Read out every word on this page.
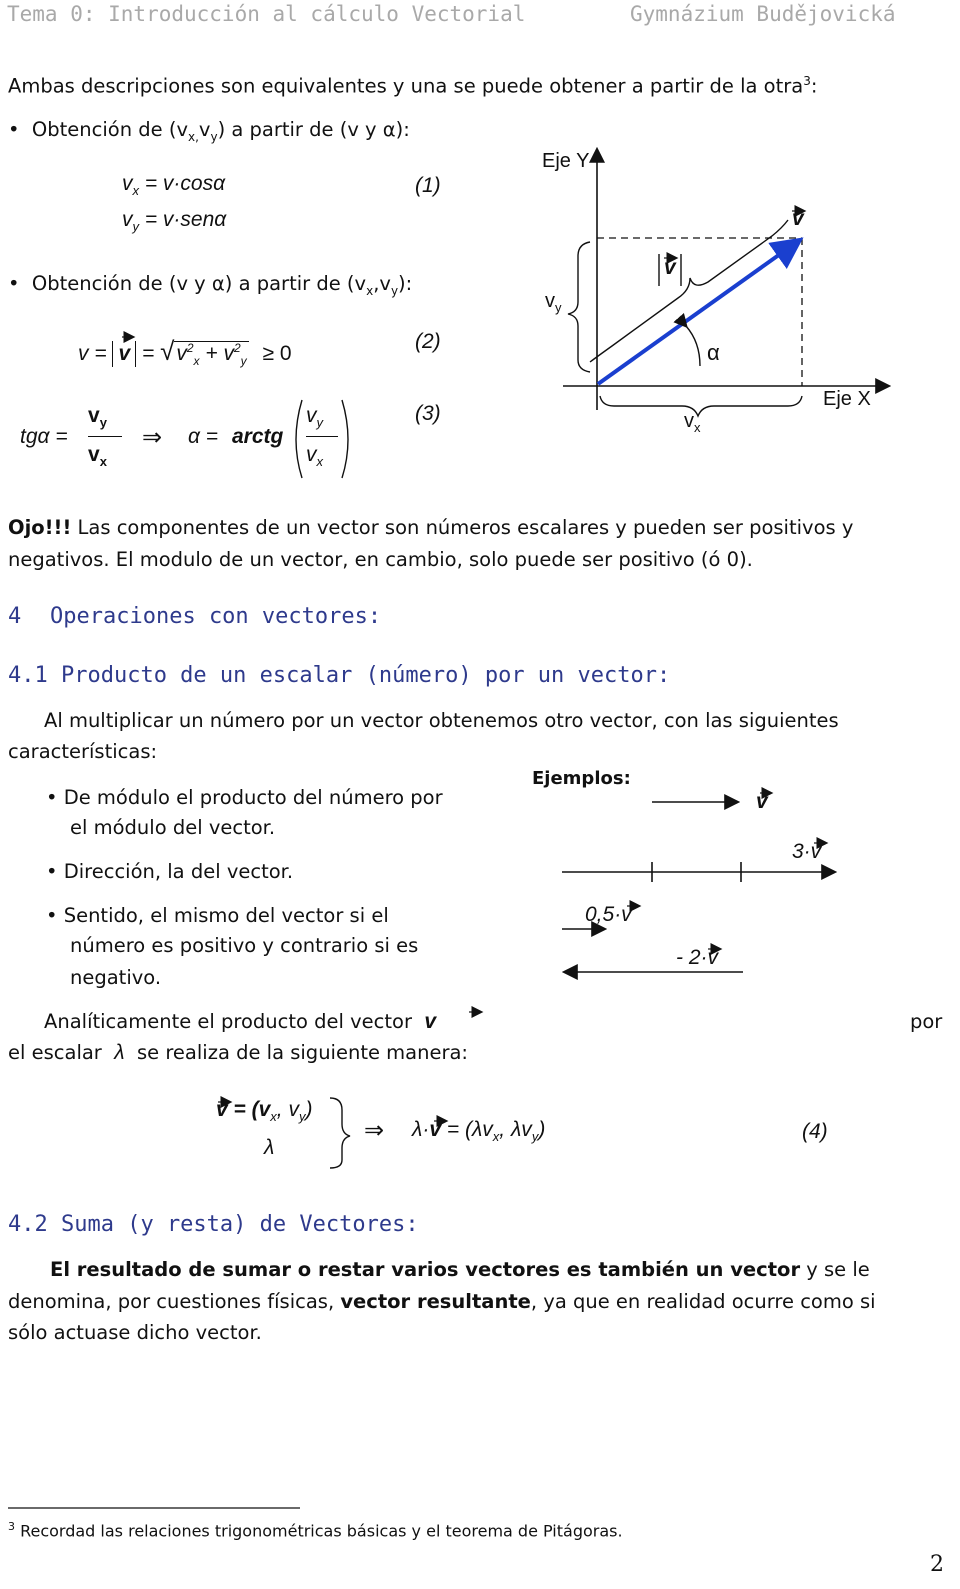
Tema 0: Introducción al cálculo Vectorial	Gymnázium Budějovická
Ambas descripciones son equivalentes y una se puede obtener a partir de la otra$^3$:
•  Obtención de $(v_{x,}v_y)$ a partir de (v y α):
$v_x = v\cdot\cos\alpha$
$v_y = v\cdot sen\alpha$
(1)
•  Obtención de (v y α) a partir de $(v_x,v_y)$:
$v = v = √v^2_x + v^2_y \ge 0$
(2)
tgα =
$v_y$
$v_x$
⇒ α = arctg
$v_y$
$v_x$
(3)
Eje Y
Eje X
v
v
$v_y$
$v_x$
α
Ojo!!! Las componentes de un vector son números escalares y pueden ser positivos y
negativos. El modulo de un vector, en cambio, solo puede ser positivo (ó 0).
4 Operaciones con vectores:
4.1 Producto de un escalar (número) por un vector:
Al multiplicar un número por un vector obtenemos otro vector, con las siguientes
características:
• De módulo el producto del número por
el módulo del vector.
• Dirección, la del vector.
• Sentido, el mismo del vector si el
número es positivo y contrario si es
negativo.
Ejemplos:
v
3·v
0,5·v
- 2·v
Analíticamente el producto del vector v	por
el escalar λ se realiza de la siguiente manera:
$v = (v_x$, $v_y$)
λ
⇒ $\lambda\cdot v = (\lambda v_x$, $\lambda v_y$)	(4)
4.2 Suma (y resta) de Vectores:
El resultado de sumar o restar varios vectores es también un vector y se le
denomina, por cuestiones físicas, vector resultante, ya que en realidad ocurre como si
sólo actuase dicho vector.
$^3$ Recordad las relaciones trigonométricas básicas y el teorema de Pitágoras.
2
